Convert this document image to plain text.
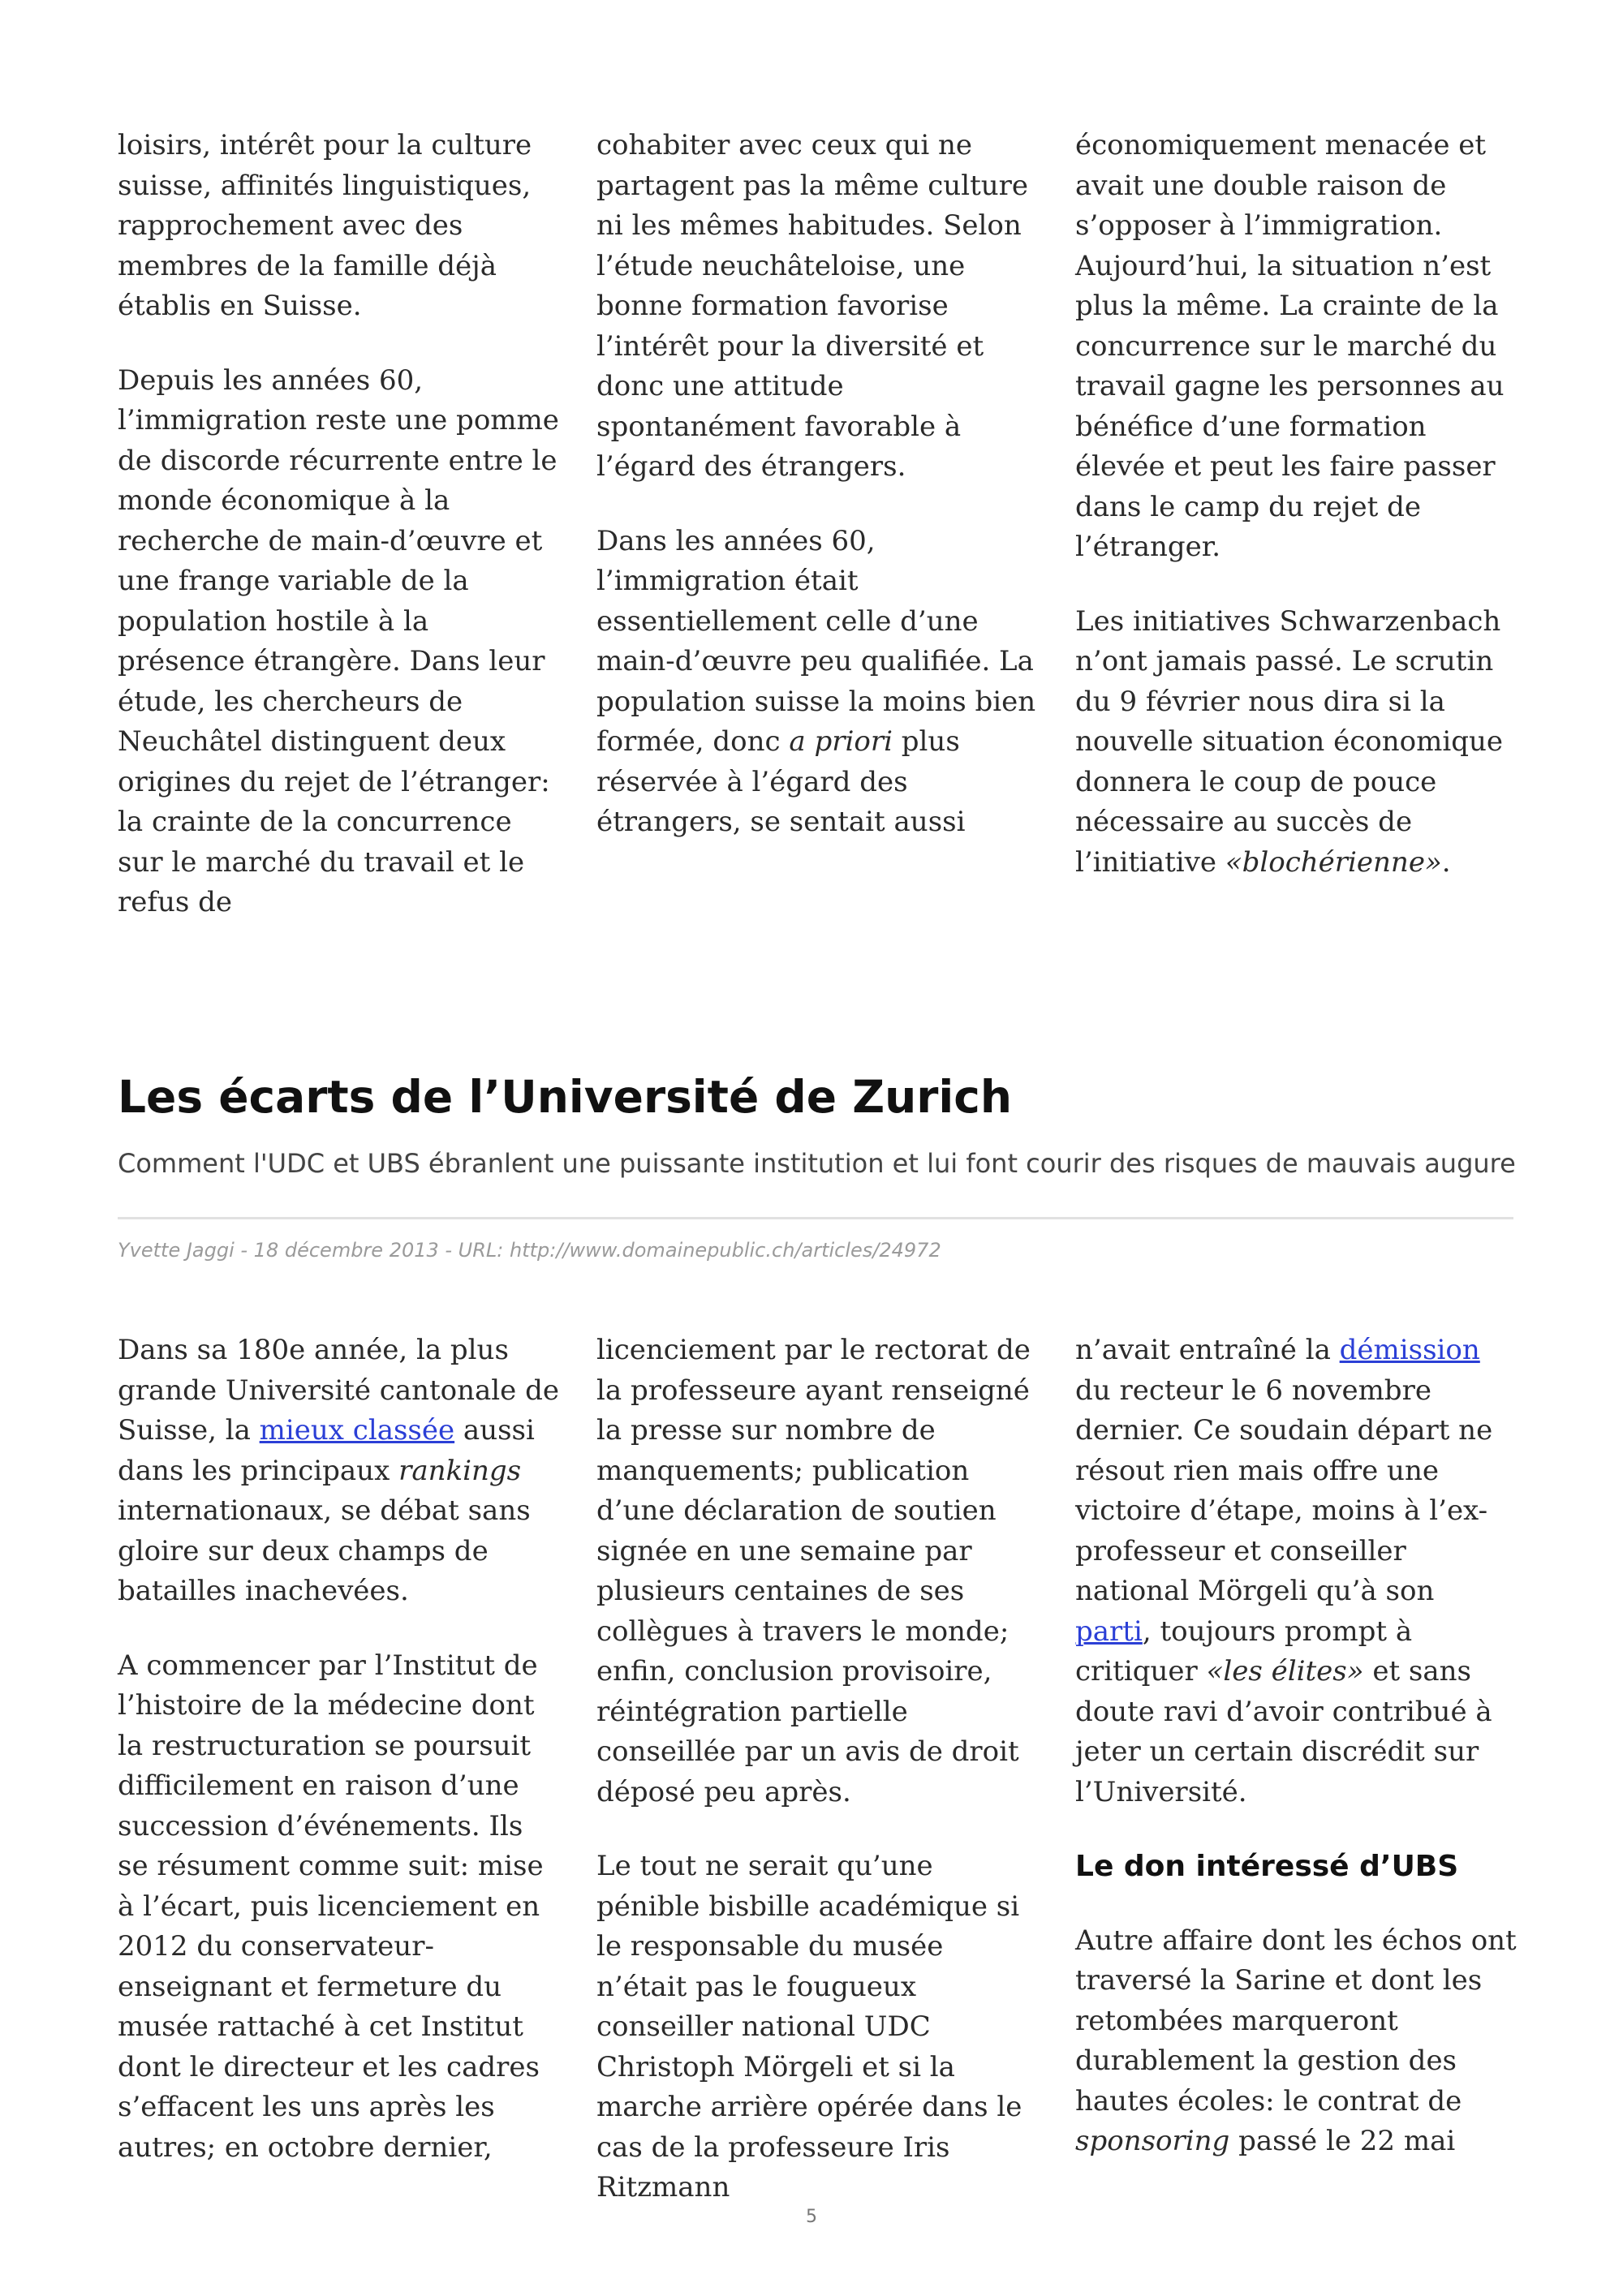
loisirs, intérêt pour la culture suisse, affinités linguistiques, rapprochement avec des membres de la famille déjà établis en Suisse.

Depuis les années 60, l’immigration reste une pomme de discorde récurrente entre le monde économique à la recherche de main-d’œuvre et une frange variable de la population hostile à la présence étrangère. Dans leur étude, les chercheurs de Neuchâtel distinguent deux origines du rejet de l’étranger: la crainte de la concurrence sur le marché du travail et le refus de

cohabiter avec ceux qui ne partagent pas la même culture ni les mêmes habitudes. Selon l’étude neuchâteloise, une bonne formation favorise l’intérêt pour la diversité et donc une attitude spontanément favorable à l’égard des étrangers.

Dans les années 60, l’immigration était essentiellement celle d’une main-d’œuvre peu qualifiée. La population suisse la moins bien formée, donc a priori plus réservée à l’égard des étrangers, se sentait aussi

économiquement menacée et avait une double raison de s’opposer à l’immigration. Aujourd’hui, la situation n’est plus la même. La crainte de la concurrence sur le marché du travail gagne les personnes au bénéfice d’une formation élevée et peut les faire passer dans le camp du rejet de l’étranger.

Les initiatives Schwarzenbach n’ont jamais passé. Le scrutin du 9 février nous dira si la nouvelle situation économique donnera le coup de pouce nécessaire au succès de l’initiative «blochérienne».

Les écarts de l’Université de Zurich

Comment l'UDC et UBS ébranlent une puissante institution et lui font courir des risques de mauvais augure

Yvette Jaggi - 18 décembre 2013 - URL: http://www.domainepublic.ch/articles/24972

Dans sa 180e année, la plus grande Université cantonale de Suisse, la mieux classée aussi dans les principaux rankings internationaux, se débat sans gloire sur deux champs de batailles inachevées.

A commencer par l’Institut de l’histoire de la médecine dont la restructuration se poursuit difficilement en raison d’une succession d’événements. Ils se résument comme suit: mise à l’écart, puis licenciement en 2012 du conservateur-enseignant et fermeture du musée rattaché à cet Institut dont le directeur et les cadres s’effacent les uns après les autres; en octobre dernier,

licenciement par le rectorat de la professeure ayant renseigné la presse sur nombre de manquements; publication d’une déclaration de soutien signée en une semaine par plusieurs centaines de ses collègues à travers le monde; enfin, conclusion provisoire, réintégration partielle conseillée par un avis de droit déposé peu après.

Le tout ne serait qu’une pénible bisbille académique si le responsable du musée n’était pas le fougueux conseiller national UDC Christoph Mörgeli et si la marche arrière opérée dans le cas de la professeure Iris Ritzmann

n’avait entraîné la démission du recteur le 6 novembre dernier. Ce soudain départ ne résout rien mais offre une victoire d’étape, moins à l’ex-professeur et conseiller national Mörgeli qu’à son parti, toujours prompt à critiquer «les élites» et sans doute ravi d’avoir contribué à jeter un certain discrédit sur l’Université.

Le don intéressé d’UBS

Autre affaire dont les échos ont traversé la Sarine et dont les retombées marqueront durablement la gestion des hautes écoles: le contrat de sponsoring passé le 22 mai

5
